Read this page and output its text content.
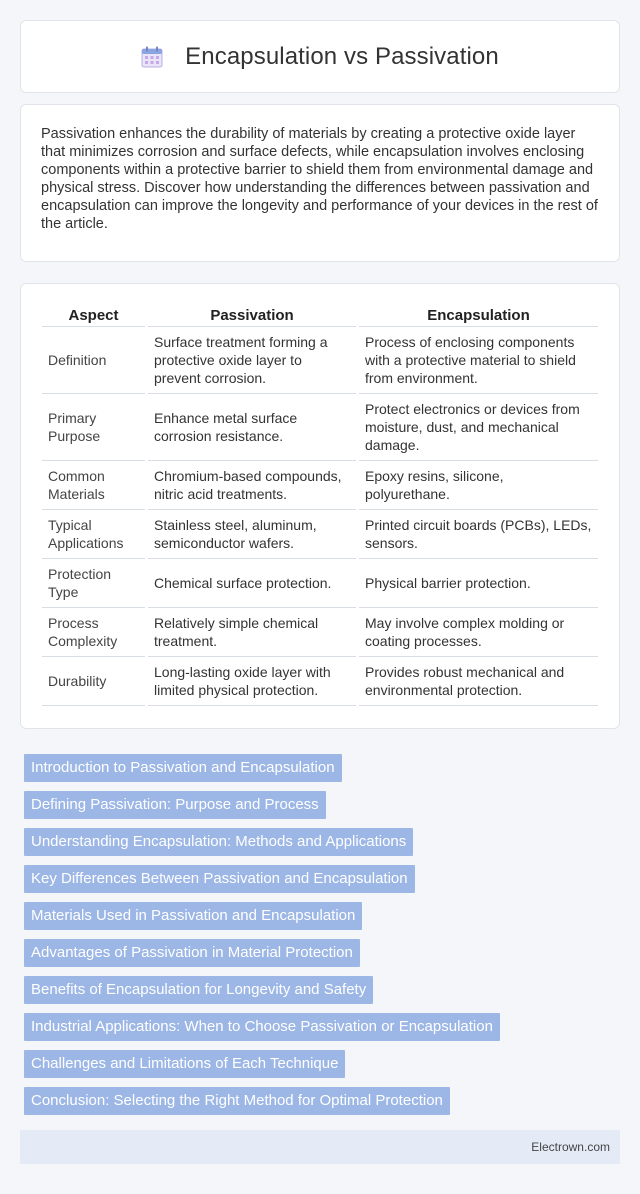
Encapsulation vs Passivation

Passivation enhances the durability of materials by creating a protective oxide layer that minimizes corrosion and surface defects, while encapsulation involves enclosing components within a protective barrier to shield them from environmental damage and physical stress. Discover how understanding the differences between passivation and encapsulation can improve the longevity and performance of your devices in the rest of the article.

Aspect	Passivation	Encapsulation
Definition	Surface treatment forming a protective oxide layer to prevent corrosion.	Process of enclosing components with a protective material to shield from environment.
Primary Purpose	Enhance metal surface corrosion resistance.	Protect electronics or devices from moisture, dust, and mechanical damage.
Common Materials	Chromium-based compounds, nitric acid treatments.	Epoxy resins, silicone, polyurethane.
Typical Applications	Stainless steel, aluminum, semiconductor wafers.	Printed circuit boards (PCBs), LEDs, sensors.
Protection Type	Chemical surface protection.	Physical barrier protection.
Process Complexity	Relatively simple chemical treatment.	May involve complex molding or coating processes.
Durability	Long-lasting oxide layer with limited physical protection.	Provides robust mechanical and environmental protection.
Introduction to Passivation and Encapsulation
Defining Passivation: Purpose and Process
Understanding Encapsulation: Methods and Applications
Key Differences Between Passivation and Encapsulation
Materials Used in Passivation and Encapsulation
Advantages of Passivation in Material Protection
Benefits of Encapsulation for Longevity and Safety
Industrial Applications: When to Choose Passivation or Encapsulation
Challenges and Limitations of Each Technique
Conclusion: Selecting the Right Method for Optimal Protection
Electrown.com
